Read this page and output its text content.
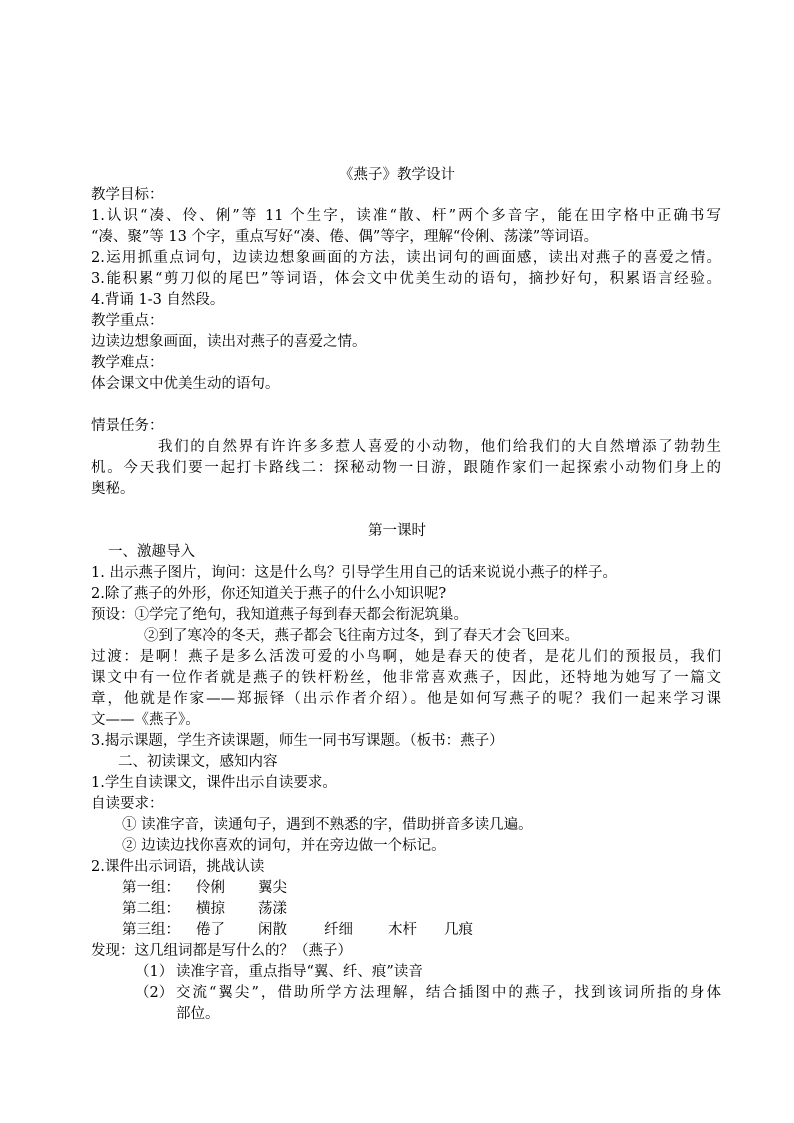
《燕子》教学设计
教学目标：
1.认识“凑、伶、俐”等 11 个生字，读准“散、杆”两个多音字，能在田字格中正确书写
“凑、聚”等 13 个字，重点写好“凑、倦、偶”等字，理解“伶俐、荡漾”等词语。
2.运用抓重点词句，边读边想象画面的方法，读出词句的画面感，读出对燕子的喜爱之情。
3.能积累“剪刀似的尾巴”等词语，体会文中优美生动的语句，摘抄好句，积累语言经验。
4.背诵 1-3 自然段。
教学重点：
边读边想象画面，读出对燕子的喜爱之情。
教学难点：
体会课文中优美生动的语句。
情景任务：
我们的自然界有许许多多惹人喜爱的小动物，他们给我们的大自然增添了勃勃生
机。今天我们要一起打卡路线二：探秘动物一日游，跟随作家们一起探索小动物们身上的
奥秘。
第一课时
一、激趣导入
1. 出示燕子图片，询问：这是什么鸟？引导学生用自己的话来说说小燕子的样子。
2.除了燕子的外形，你还知道关于燕子的什么小知识呢?
预设：①学完了绝句，我知道燕子每到春天都会衔泥筑巢。
②到了寒冷的冬天，燕子都会飞往南方过冬，到了春天才会飞回来。
过渡：是啊！燕子是多么活泼可爱的小鸟啊，她是春天的使者，是花儿们的预报员，我们
课文中有一位作者就是燕子的铁杆粉丝，他非常喜欢燕子，因此，还特地为她写了一篇文
章，他就是作家——郑振铎（出示作者介绍）。他是如何写燕子的呢？我们一起来学习课
文——《燕子》。
3.揭示课题，学生齐读课题，师生一同书写课题。（板书：燕子）
二、初读课文，感知内容
1.学生自读课文，课件出示自读要求。
自读要求：
① 读准字音，读通句子，遇到不熟悉的字，借助拼音多读几遍。
② 边读边找你喜欢的词句，并在旁边做一个标记。
2.课件出示词语，挑战认读
第一组： 伶俐 翼尖
第二组： 横掠 荡漾
第三组： 倦了 闲散	纤细 木杆 几痕
发现：这几组词都是写什么的？（燕子）
（1） 读准字音，重点指导“翼、纤、痕”读音
（2） 交流“翼尖”，借助所学方法理解，结合插图中的燕子，找到该词所指的身体
部位。
